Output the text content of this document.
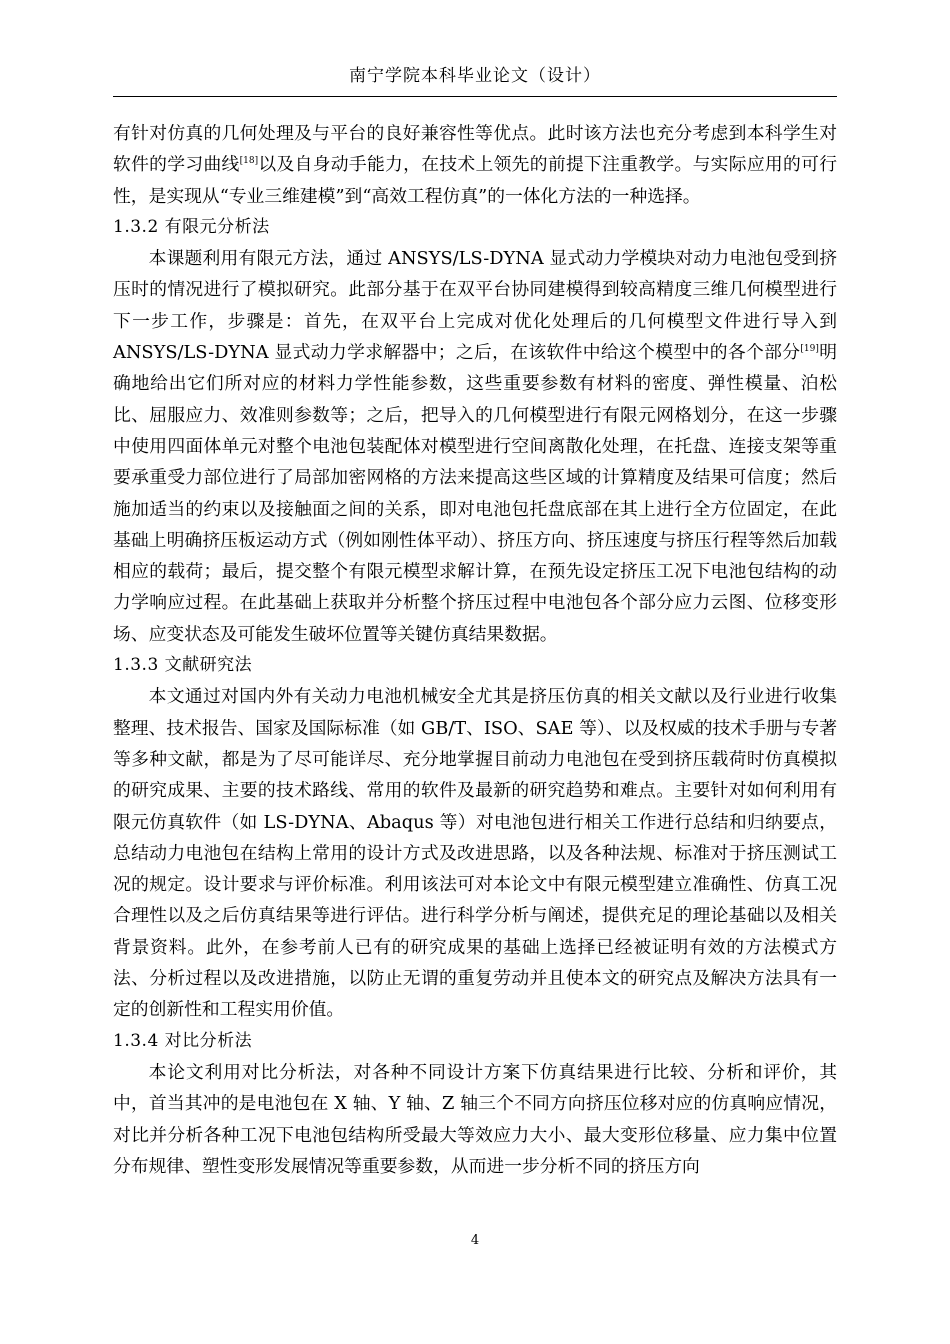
南宁学院本科毕业论文（设计）

有针对仿真的几何处理及与平台的良好兼容性等优点。此时该方法也充分考虑到本科学生对软件的学习曲线[18]以及自身动手能力，在技术上领先的前提下注重教学。与实际应用的可行性，是实现从“专业三维建模”到“高效工程仿真”的一体化方法的一种选择。

1.3.2 有限元分析法

本课题利用有限元方法，通过 ANSYS/LS-DYNA 显式动力学模块对动力电池包受到挤压时的情况进行了模拟研究。此部分基于在双平台协同建模得到较高精度三维几何模型进行下一步工作，步骤是：首先，在双平台上完成对优化处理后的几何模型文件进行导入到 ANSYS/LS-DYNA 显式动力学求解器中；之后，在该软件中给这个模型中的各个部分[19]明确地给出它们所对应的材料力学性能参数，这些重要参数有材料的密度、弹性模量、泊松比、屈服应力、效准则参数等；之后，把导入的几何模型进行有限元网格划分，在这一步骤中使用四面体单元对整个电池包装配体对模型进行空间离散化处理，在托盘、连接支架等重要承重受力部位进行了局部加密网格的方法来提高这些区域的计算精度及结果可信度；然后施加适当的约束以及接触面之间的关系，即对电池包托盘底部在其上进行全方位固定，在此基础上明确挤压板运动方式（例如刚性体平动）、挤压方向、挤压速度与挤压行程等然后加载相应的载荷；最后，提交整个有限元模型求解计算，在预先设定挤压工况下电池包结构的动力学响应过程。在此基础上获取并分析整个挤压过程中电池包各个部分应力云图、位移变形场、应变状态及可能发生破坏位置等关键仿真结果数据。

1.3.3 文献研究法

本文通过对国内外有关动力电池机械安全尤其是挤压仿真的相关文献以及行业进行收集整理、技术报告、国家及国际标准（如 GB/T、ISO、SAE 等）、以及权威的技术手册与专著等多种文献，都是为了尽可能详尽、充分地掌握目前动力电池包在受到挤压载荷时仿真模拟的研究成果、主要的技术路线、常用的软件及最新的研究趋势和难点。主要针对如何利用有限元仿真软件（如 LS-DYNA、Abaqus 等）对电池包进行相关工作进行总结和归纳要点，总结动力电池包在结构上常用的设计方式及改进思路，以及各种法规、标准对于挤压测试工况的规定。设计要求与评价标准。利用该法可对本论文中有限元模型建立准确性、仿真工况合理性以及之后仿真结果等进行评估。进行科学分析与阐述，提供充足的理论基础以及相关背景资料。此外，在参考前人已有的研究成果的基础上选择已经被证明有效的方法模式方法、分析过程以及改进措施，以防止无谓的重复劳动并且使本文的研究点及解决方法具有一定的创新性和工程实用价值。

1.3.4 对比分析法

本论文利用对比分析法，对各种不同设计方案下仿真结果进行比较、分析和评价，其中，首当其冲的是电池包在 X 轴、Y 轴、Z 轴三个不同方向挤压位移对应的仿真响应情况，对比并分析各种工况下电池包结构所受最大等效应力大小、最大变形位移量、应力集中位置分布规律、塑性变形发展情况等重要参数，从而进一步分析不同的挤压方向

4
